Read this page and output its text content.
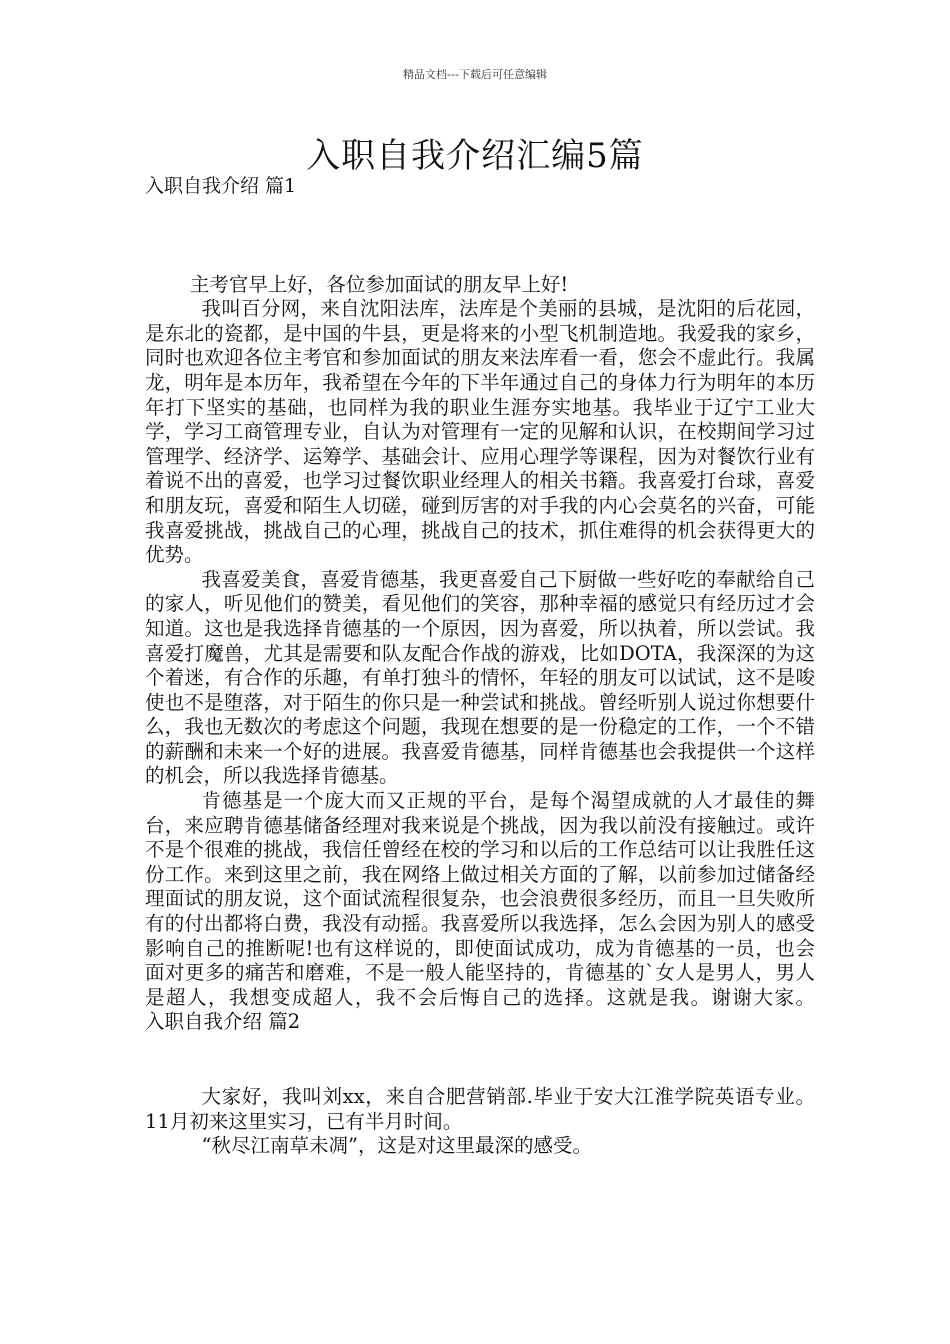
精品文档---下载后可任意编辑
入职自我介绍汇编5篇
入职自我介绍 篇1

主考官早上好，各位参加面试的朋友早上好!

我叫百分网，来自沈阳法库，法库是个美丽的县城，是沈阳的后花园，是东北的瓷都，是中国的牛县，更是将来的小型飞机制造地。我爱我的家乡，同时也欢迎各位主考官和参加面试的朋友来法库看一看，您会不虚此行。我属龙，明年是本历年，我希望在今年的下半年通过自己的身体力行为明年的本历年打下坚实的基础，也同样为我的职业生涯夯实地基。我毕业于辽宁工业大学，学习工商管理专业，自认为对管理有一定的见解和认识，在校期间学习过管理学、经济学、运筹学、基础会计、应用心理学等课程，因为对餐饮行业有着说不出的喜爱，也学习过餐饮职业经理人的相关书籍。我喜爱打台球，喜爱和朋友玩，喜爱和陌生人切磋，碰到厉害的对手我的内心会莫名的兴奋，可能我喜爱挑战，挑战自己的心理，挑战自己的技术，抓住难得的机会获得更大的优势。

我喜爱美食，喜爱肯德基，我更喜爱自己下厨做一些好吃的奉献给自己的家人，听见他们的赞美，看见他们的笑容，那种幸福的感觉只有经历过才会知道。这也是我选择肯德基的一个原因，因为喜爱，所以执着，所以尝试。我喜爱打魔兽，尤其是需要和队友配合作战的游戏，比如DOTA，我深深的为这个着迷，有合作的乐趣，有单打独斗的情怀，年轻的朋友可以试试，这不是唆使也不是堕落，对于陌生的你只是一种尝试和挑战。曾经听别人说过你想要什么，我也无数次的考虑这个问题，我现在想要的是一份稳定的工作，一个不错的薪酬和未来一个好的进展。我喜爱肯德基，同样肯德基也会我提供一个这样的机会，所以我选择肯德基。

肯德基是一个庞大而又正规的平台，是每个渴望成就的人才最佳的舞台，来应聘肯德基储备经理对我来说是个挑战，因为我以前没有接触过。或许不是个很难的挑战，我信任曾经在校的学习和以后的工作总结可以让我胜任这份工作。来到这里之前，我在网络上做过相关方面的了解，以前参加过储备经理面试的朋友说，这个面试流程很复杂，也会浪费很多经历，而且一旦失败所有的付出都将白费，我没有动摇。我喜爱所以我选择，怎么会因为别人的感受影响自己的推断呢!也有这样说的，即使面试成功，成为肯德基的一员，也会面对更多的痛苦和磨难，不是一般人能坚持的，肯德基的`女人是男人，男人是超人，我想变成超人，我不会后悔自己的选择。这就是我。谢谢大家。入职自我介绍 篇2

大家好，我叫刘xx，来自合肥营销部.毕业于安大江淮学院英语专业。11月初来这里实习，已有半月时间。

“秋尽江南草未凋”，这是对这里最深的感受。
